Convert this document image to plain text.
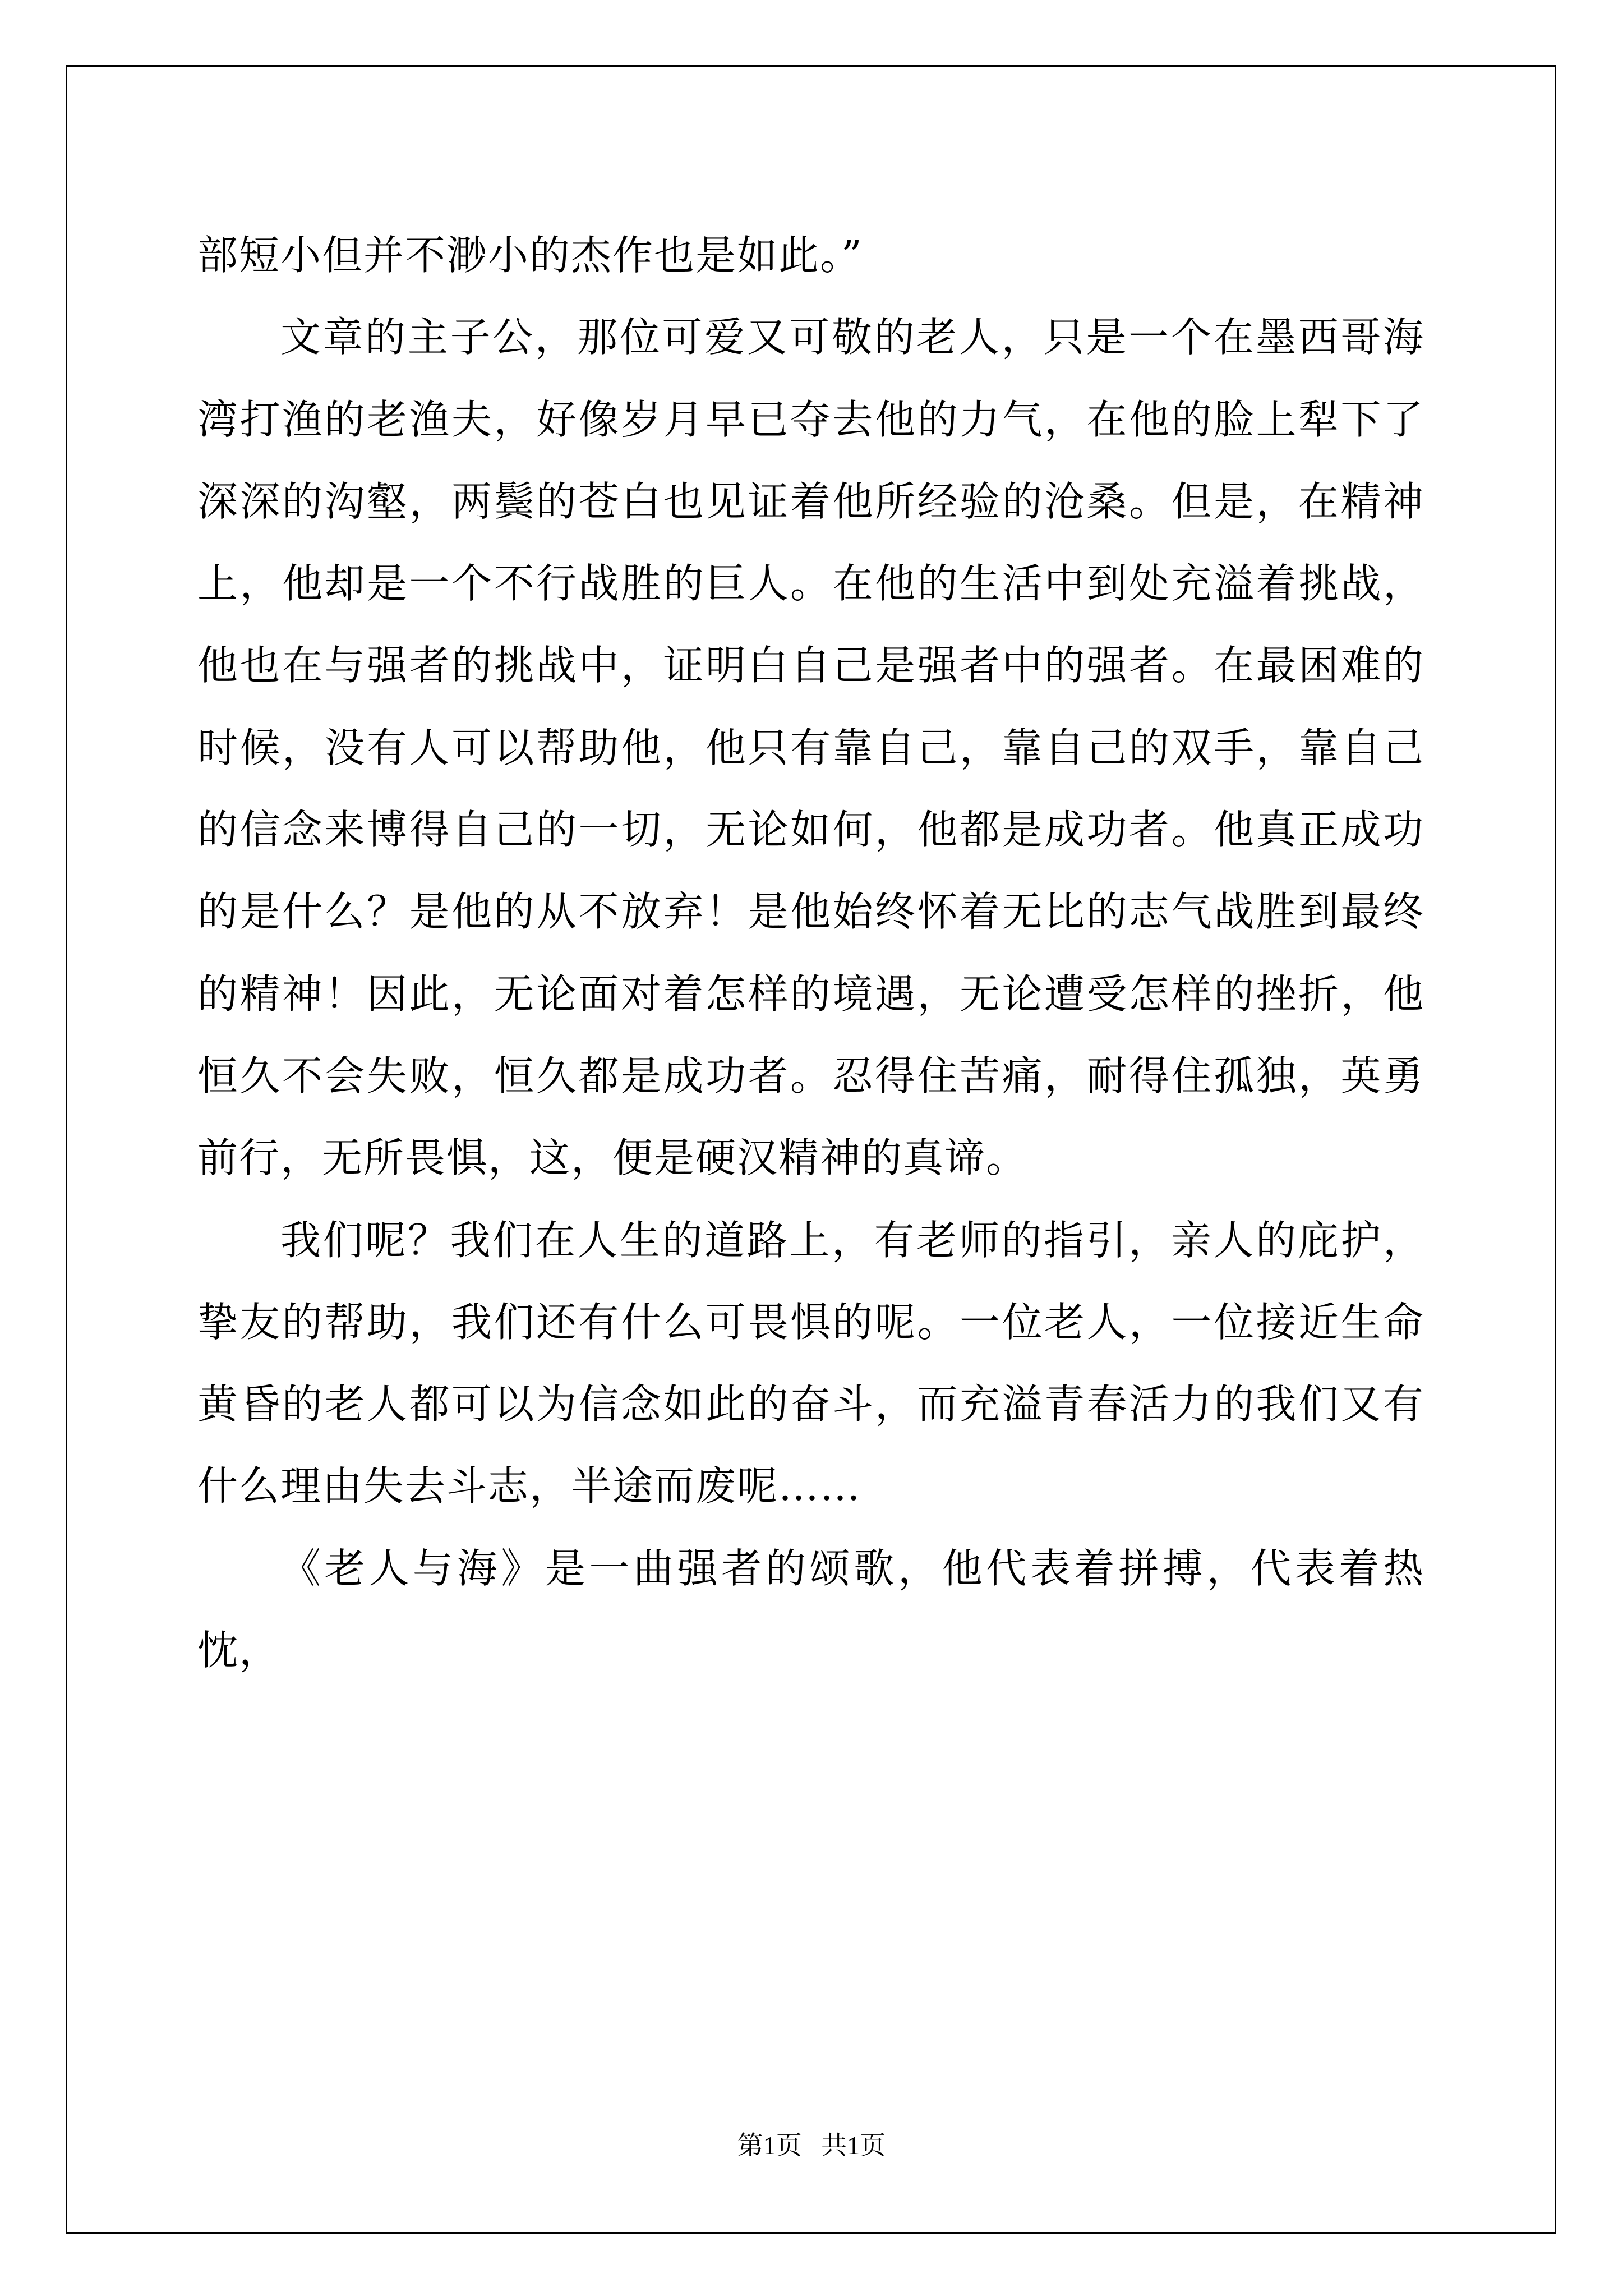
部短小但并不渺小的杰作也是如此。”

文章的主子公，那位可爱又可敬的老人，只是一个在墨西哥海湾打渔的老渔夫，好像岁月早已夺去他的力气，在他的脸上犁下了深深的沟壑，两鬓的苍白也见证着他所经验的沧桑。但是，在精神上，他却是一个不行战胜的巨人。在他的生活中到处充溢着挑战，他也在与强者的挑战中，证明白自己是强者中的强者。在最困难的时候，没有人可以帮助他，他只有靠自己，靠自己的双手，靠自己的信念来博得自己的一切，无论如何，他都是成功者。他真正成功的是什么？是他的从不放弃！是他始终怀着无比的志气战胜到最终的精神！因此，无论面对着怎样的境遇，无论遭受怎样的挫折，他恒久不会失败，恒久都是成功者。忍得住苦痛，耐得住孤独，英勇前行，无所畏惧，这，便是硬汉精神的真谛。

我们呢？我们在人生的道路上，有老师的指引，亲人的庇护，挚友的帮助，我们还有什么可畏惧的呢。一位老人，一位接近生命黄昏的老人都可以为信念如此的奋斗，而充溢青春活力的我们又有什么理由失去斗志，半途而废呢……

《老人与海》是一曲强者的颂歌，他代表着拼搏，代表着热忱，

第1页   共1页
